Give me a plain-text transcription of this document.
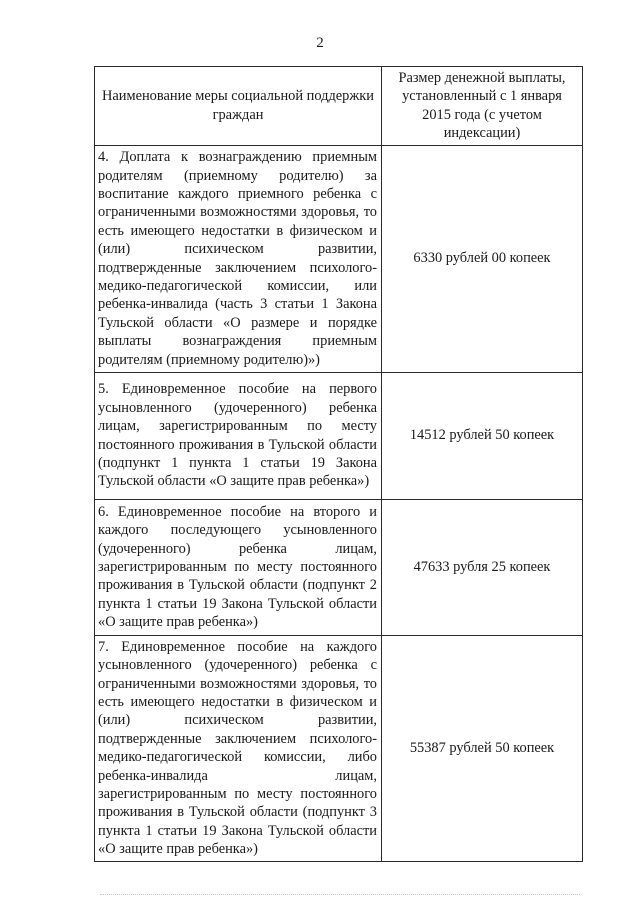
2
Наименование меры социальной поддержки граждан	Размер денежной выплаты, установленный с 1 января 2015 года (с учетом индексации)
4. Доплата к вознаграждению приемным родителям (приемному родителю) за воспитание каждого приемного ребенка с ограниченными возможностями здоровья, то есть имеющего недостатки в физическом и (или) психическом развитии, подтвержденные заключением психолого-медико-педагогической комиссии, или ребенка-инвалида (часть 3 статьи 1 Закона Тульской области «О размере и порядке выплаты вознаграждения приемным родителям (приемному родителю)»)	6330 рублей 00 копеек
5. Единовременное пособие на первого усыновленного (удочеренного) ребенка лицам, зарегистрированным по месту постоянного проживания в Тульской области (подпункт 1 пункта 1 статьи 19 Закона Тульской области «О защите прав ребенка»)	14512 рублей 50 копеек
6. Единовременное пособие на второго и каждого последующего усыновленного (удочеренного) ребенка лицам, зарегистрированным по месту постоянного проживания в Тульской области (подпункт 2 пункта 1 статьи 19 Закона Тульской области «О защите прав ребенка»)	47633 рубля 25 копеек
7. Единовременное пособие на каждого усыновленного (удочеренного) ребенка с ограниченными возможностями здоровья, то есть имеющего недостатки в физическом и (или) психическом развитии, подтвержденные заключением психолого-медико-педагогической комиссии, либо ребенка-инвалида лицам, зарегистрированным по месту постоянного проживания в Тульской области (подпункт 3 пункта 1 статьи 19 Закона Тульской области «О защите прав ребенка»)	55387 рублей 50 копеек
